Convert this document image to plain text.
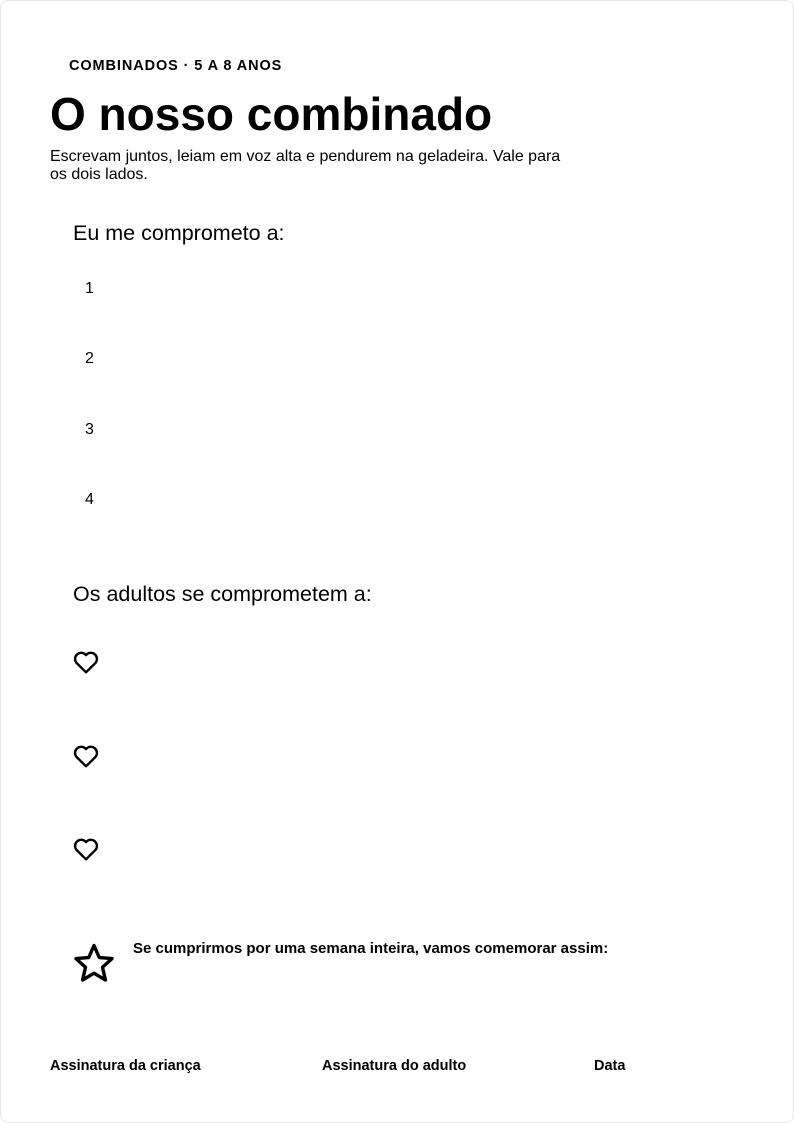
COMBINADOS · 5 A 8 ANOS
O nosso combinado

Escrevam juntos, leiam em voz alta e pendurem na geladeira. Vale para os dois lados.

Eu me comprometo a:
1
2
3
4
Os adultos se comprometem a:
Se cumprirmos por uma semana inteira, vamos comemorar assim:
Assinatura da criança	Assinatura do adulto	Data
